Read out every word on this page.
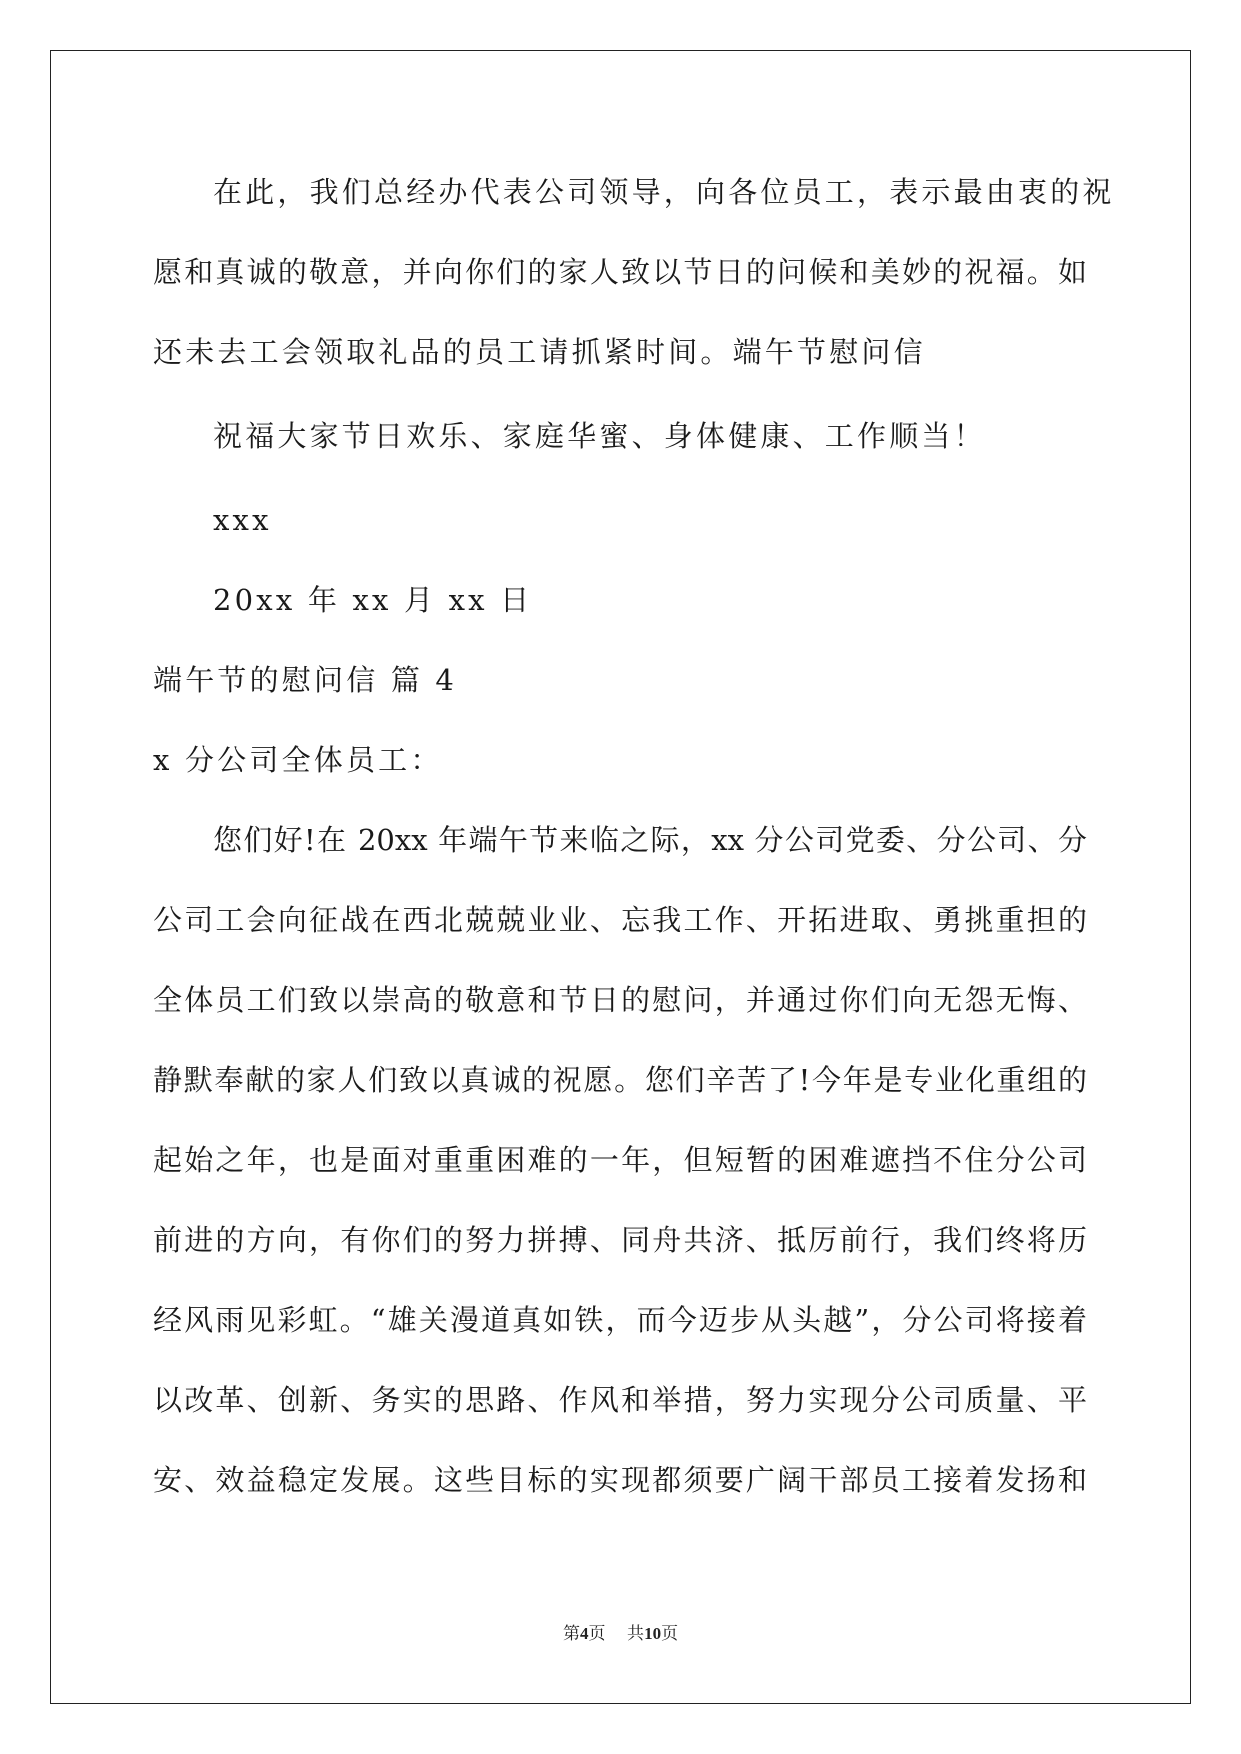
在此，我们总经办代表公司领导，向各位员工，表示最由衷的祝
愿和真诚的敬意，并向你们的家人致以节日的问候和美妙的祝福。如
还未去工会领取礼品的员工请抓紧时间。端午节慰问信
祝福大家节日欢乐、家庭华蜜、身体健康、工作顺当！
xxx
20xx 年 xx 月 xx 日
端午节的慰问信 篇 4
x 分公司全体员工：
您们好!在 20xx 年端午节来临之际，xx 分公司党委、分公司、分
公司工会向征战在西北兢兢业业、忘我工作、开拓进取、勇挑重担的
全体员工们致以崇高的敬意和节日的慰问，并通过你们向无怨无悔、
静默奉献的家人们致以真诚的祝愿。您们辛苦了!今年是专业化重组的
起始之年，也是面对重重困难的一年，但短暂的困难遮挡不住分公司
前进的方向，有你们的努力拼搏、同舟共济、抵厉前行，我们终将历
经风雨见彩虹。“雄关漫道真如铁，而今迈步从头越”，分公司将接着
以改革、创新、务实的思路、作风和举措，努力实现分公司质量、平
安、效益稳定发展。这些目标的实现都须要广阔干部员工接着发扬和
第4页    共10页
